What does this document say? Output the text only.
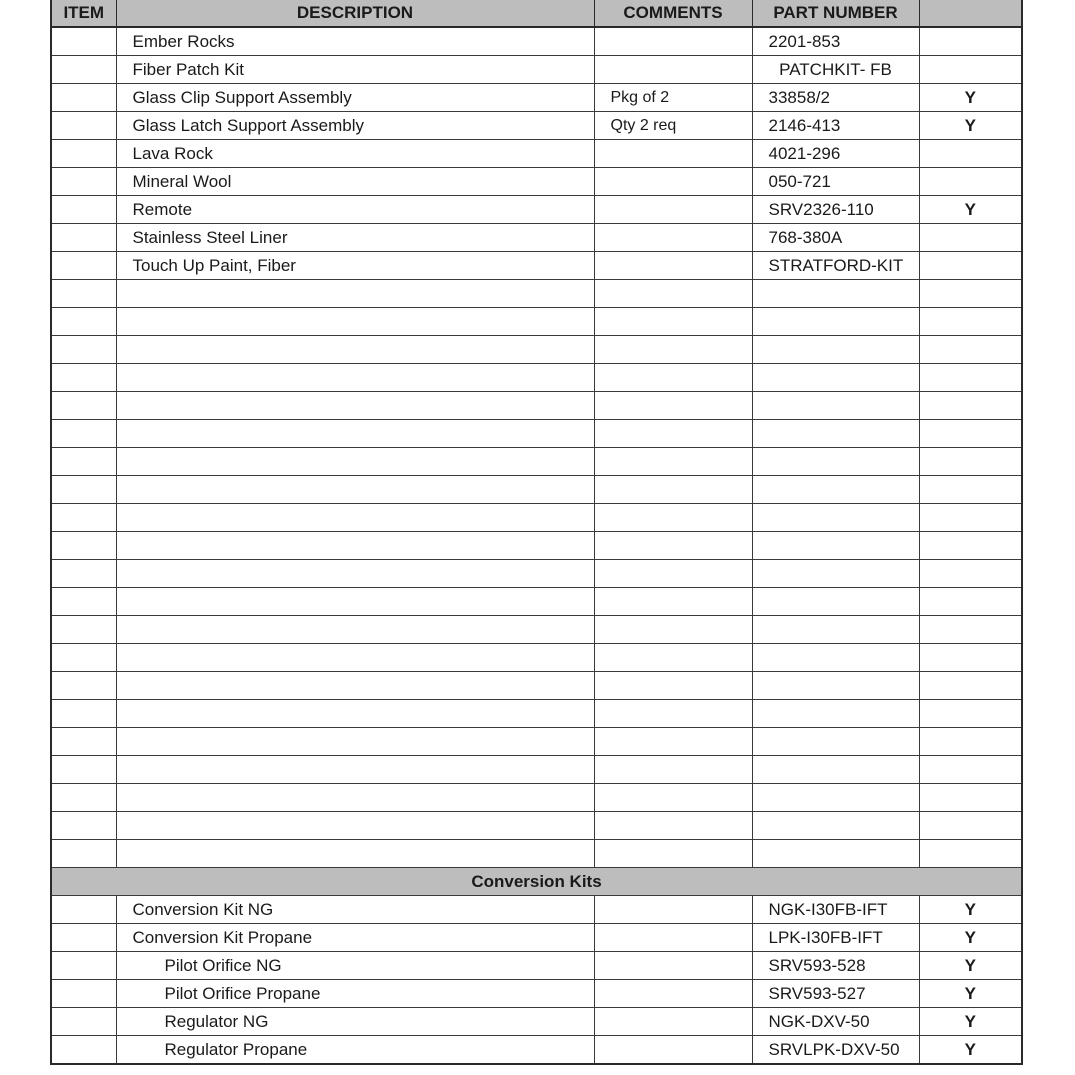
ITEM	DESCRIPTION	COMMENTS	PART NUMBER	
	Ember Rocks		2201-853	
	Fiber Patch Kit		PATCHKIT- FB	
	Glass Clip Support Assembly	Pkg of 2	33858/2	Y
	Glass Latch Support Assembly	Qty 2 req	2146-413	Y
	Lava Rock		4021-296	
	Mineral Wool		050-721	
	Remote		SRV2326-110	Y
	Stainless Steel Liner		768-380A	
	Touch Up Paint, Fiber		STRATFORD-KIT	

Conversion Kits				
	Conversion Kit NG		NGK-I30FB-IFT	Y
	Conversion Kit Propane		LPK-I30FB-IFT	Y
	Pilot Orifice NG		SRV593-528	Y
	Pilot Orifice Propane		SRV593-527	Y
	Regulator NG		NGK-DXV-50	Y
	Regulator Propane		SRVLPK-DXV-50	Y
